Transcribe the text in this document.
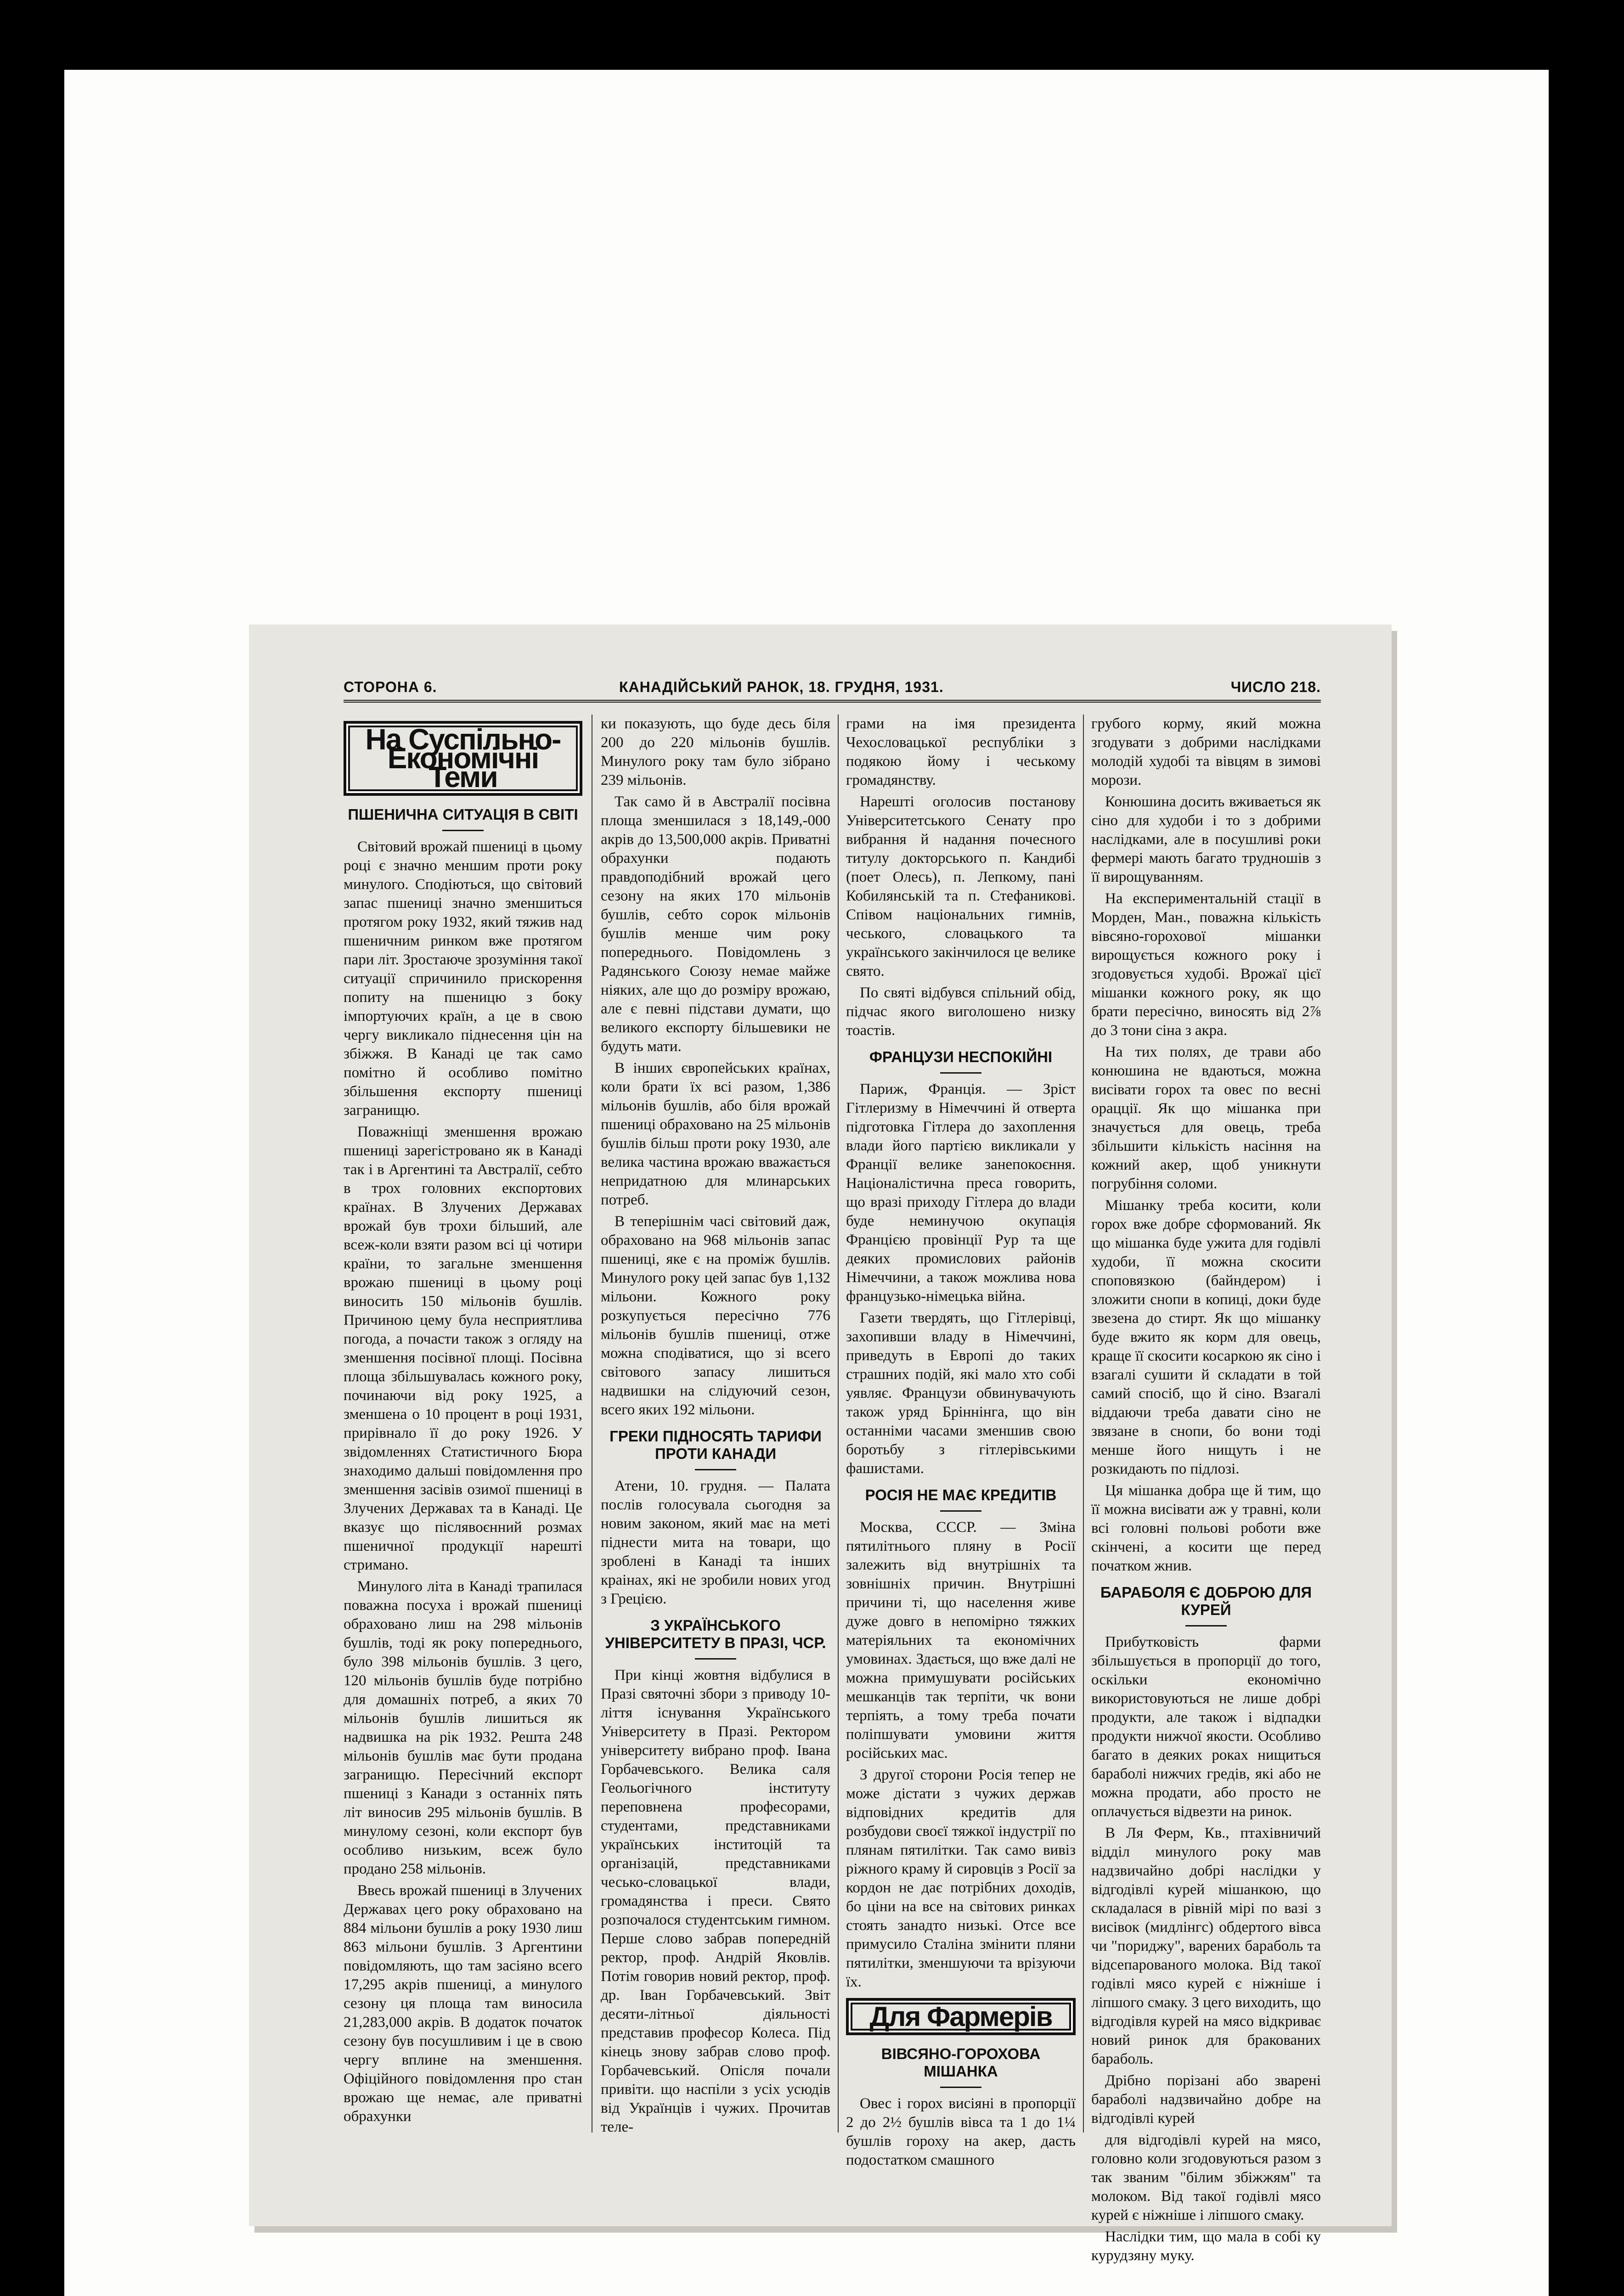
СТОРОНА 6.	КАНАДІЙСЬКИЙ РАНОК, 18. ГРУДНЯ, 1931.	ЧИСЛО 218.
На Суспільно-Економічні Теми
ПШЕНИЧНА СИТУАЦІЯ В СВІТІ

Світовий врожай пшениці в цьому році є значно меншим проти року минулого. Сподіються, що світовий запас пшениці значно зменшиться протягом року 1932, який тяжив над пшеничним ринком вже протягом пари літ. Зростаюче зрозуміння такої ситуації спричинило прискорення попиту на пшеницю з боку імпортуючих країн, а це в свою чергу викликало піднесення цін на збіжжя. В Канаді це так само помітно й особливо помітно збільшення експорту пшениці загранищю.

Поважніщі зменшення врожаю пшениці зарегістровано як в Канаді так і в Аргентині та Австралії, себто в трох головних експортових країнах. В Злучених Державах врожай був трохи більший, але всеж-коли взяти разом всі ці чотири країни, то загальне зменшення врожаю пшениці в цьому році виносить 150 мільонів бушлів. Причиною цему була несприятлива погода, а почасти також з огляду на зменшення посівної площі. Посівна площа збільшувалась кожного року, починаючи від року 1925, а зменшена о 10 процент в році 1931, прирівнало її до року 1926. У звідомленнях Статистичного Бюра знаходимо дальші повідомлення про зменшення засівів озимої пшениці в Злучених Державах та в Канаді. Це вказує що післявоєнний розмах пшеничної продукції нарешті стримано.

Минулого літа в Канаді трапилася поважна посуха і врожай пшениці обраховано лиш на 298 мільонів бушлів, тоді як року попереднього, було 398 мільонів бушлів. З цего, 120 мільонів бушлів буде потрібно для домашніх потреб, а яких 70 мільонів бушлів лишиться як надвишка на рік 1932. Решта 248 мільонів бушлів має бути продана загранищю. Пересічний експорт пшениці з Канади з останніх пять літ виносив 295 мільонів бушлів. В минулому сезоні, коли експорт був особливо низьким, всеж було продано 258 мільонів.

Ввесь врожай пшениці в Злучених Державах цего року обраховано на 884 мільони бушлів а року 1930 лиш 863 мільони бушлів. З Аргентини повідомляють, що там засіяно всего 17,295 акрів пшениці, а минулого сезону ця площа там виносила 21,283,000 акрів. В додаток початок сезону був посушливим і це в свою чергу вплине на зменшення. Офіційного повідомлення про стан врожаю ще немає, але приватні обрахунки

ки показують, що буде десь біля 200 до 220 мільонів бушлів. Минулого року там було зібрано 239 мільонів.

Так само й в Австралії посівна площа зменшилася з 18,149,-000 акрів до 13,500,000 акрів. Приватні обрахунки подають правдоподібний врожай цего сезону на яких 170 мільонів бушлів, себто сорок мільонів бушлів менше чим року попереднього. Повідомлень з Радянського Союзу немае майже ніяких, але що до розміру врожаю, але є певні підстави думати, що великого експорту більшевики не будуть мати.

В інших європейських країнах, коли брати їх всі разом, 1,386 мільонів бушлів, або біля врожай пшениці обраховано на 25 мільонів бушлів більш проти року 1930, але велика частина врожаю вважається непридатною для млинарських потреб.

В теперішнім часі світовий даж, обраховано на 968 мільонів запас пшениці, яке є на проміж бушлів. Минулого року цей запас був 1,132 мільони. Кожного року розкупується пересічно 776 мільонів бушлів пшениці, отже можна сподіватися, що зі всего світового запасу лишиться надвишки на слідуючий сезон, всего яких 192 мільони.

ГРЕКИ ПІДНОСЯТЬ ТАРИФИ ПРОТИ КАНАДИ

Атени, 10. грудня. — Палата послів голосувала сьогодня за новим законом, який має на меті піднести мита на товари, що зроблені в Канаді та інших краінах, які не зробили нових угод з Грецією.

З УКРАЇНСЬКОГО УНІВЕРСИТЕТУ В ПРАЗІ, ЧСР.

При кінці жовтня відбулися в Празі святочні збори з приводу 10-ліття існування Українського Університету в Празі. Ректором університету вибрано проф. Івана Горбачевського. Велика саля Геольогічного інституту переповнена професорами, студентами, представниками українських інститоцій та організацій, представниками чесько-словацької влади, громадянства і преси. Свято розпочалося студентським гимном. Перше слово забрав попередній ректор, проф. Андрій Яковлів. Потім говорив новий ректор, проф. др. Іван Горбачевський. Звіт десяти-літньої діяльності представив професор Колеса. Під кінець знову забрав слово проф. Горбачевський. Опісля почали привіти. що наспіли з усіх усюдів від Українців і чужих. Прочитав теле-

грами на імя президента Чехословацької республіки з подякою йому і чеському громадянству.

Нарешті оголосив постанову Університетського Сенату про вибрання й надання почесного титулу докторського п. Кандибі (поет Олесь), п. Лепкому, пані Кобилянській та п. Стефаникові. Співом національних гимнів, чеського, словацького та українського закінчилося це велике свято.

По святі відбувся спільний обід, підчас якого виголошено низку тоастів.

ФРАНЦУЗИ НЕСПОКІЙНІ

Париж, Франція. — Зріст Гітлеризму в Німеччині й отверта підготовка Гітлера до захоплення влади його партією викликали у Франції велике занепокоєння. Націоналістична преса говорить, що вразі приходу Гітлера до влади буде неминучою окупація Францією провінції Рур та ще деяких промислових районів Німеччини, а також можлива нова французько-німецька війна.

Газети твердять, що Гітлерівці, захопивши владу в Німеччині, приведуть в Европі до таких страшних подій, які мало хто собі уявляє. Французи обвинувачують також уряд Бріннінга, що він останніми часами зменшив свою боротьбу з гітлерівськими фашистами.

РОСІЯ НЕ МАЄ КРЕДИТІВ

Москва, СССР. — Зміна пятилітнього пляну в Росії залежить від внутрішніх та зовнішніх причин. Внутрішні причини ті, що населення живе дуже довго в непомірно тяжких матеріяльних та економічних умовинах. Здається, що вже далі не можна примушувати російських мешканців так терпіти, чк вони терпіять, а тому треба почати поліпшувати умовини життя російських мас.

З другої сторони Росія тепер не може дістати з чужих держав відповідних кредитів для розбудови своєї тяжкої індустрії по плянам пятилітки. Так само вивіз ріжного краму й сировців з Росії за кордон не дає потрібних доходів, бо ціни на все на світових ринках стоять занадто низькі. Отсе все примусило Сталіна змінити пляни пятилітки, зменшуючи та врізуючи їх.

Для Фармерів
ВІВСЯНО-ГОРОХОВА МІШАНКА

Овес і горох висіяні в пропорції 2 до 2½ бушлів вівса та 1 до 1¼ бушлів гороху на акер, дасть подостатком смашного

грубого корму, який можна згодувати з добрими наслідками молодій худобі та вівцям в зимові морози.

Конюшина досить вживаеться як сіно для худоби і то з добрими наслідками, але в посушливі роки фермері мають багато трудношів з її вирощуванням.

На експериментальній стації в Морден, Ман., поважна кількість вівсяно-горохової мішанки вирощується кожного року і згодовується худобі. Врожаї цієї мішанки кожного року, як що брати пересічно, виносять від 2⅞ до 3 тони сіна з акра.

На тих полях, де трави або конюшина не вдаються, можна висівати горох та овес по весні орацції. Як що мішанка при значується для овець, треба збільшити кількість насіння на кожний акер, щоб уникнути погрубіння соломи.

Мішанку треба косити, коли горох вже добре сформований. Як що мішанка буде ужита для годівлі худоби, її можна скосити споповязкою (байндером) і зложити снопи в копиці, доки буде звезена до стирт. Як що мішанку буде вжито як корм для овець, краще її скосити косаркою як сіно і взагалі сушити й складати в той самий спосіб, що й сіно. Взагалі віддаючи треба давати сіно не звязане в снопи, бо вони тоді менше його нищуть і не розкидають по підлозі.

Ця мішанка добра ще й тим, що її можна висівати аж у травні, коли всі головні польові роботи вже скінчені, а косити ще перед початком жнив.

БАРАБОЛЯ Є ДОБРОЮ ДЛЯ КУРЕЙ

Прибутковість фарми збільшується в пропорції до того, оскільки економічно використовуються не лише добрі продукти, але також і відпадки продукти нижчої якости. Особливо багато в деяких роках нищиться бараболі нижчих гредів, які або не можна продати, або просто не оплачується відвезти на ринок.

В Ля Ферм, Кв., птахівничий відділ минулого року мав надзвичайно добрі наслідки у відгодівлі курей мішанкою, що складалася в рівній мірі по вазі з висівок (мидлінгс) обдертого вівса чи "пориджу", варених бараболь та відсепарованого молока. Від такої годівлі мясо курей є ніжніше і ліпшого смаку. З цего виходить, що відгодівля курей на мясо відкриває новий ринок для бракованих бараболь.

Дрібно порізані або зварені бараболі надзвичайно добре на відгодівлі курей

для відгодівлі курей на мясо, головно коли згодовуються разом з так званим "білим збіжжям" та молоком. Від такої годівлі мясо курей є ніжніше і ліпшого смаку.

Наслідки тим, що мала в собі ку курудзяну муку.
